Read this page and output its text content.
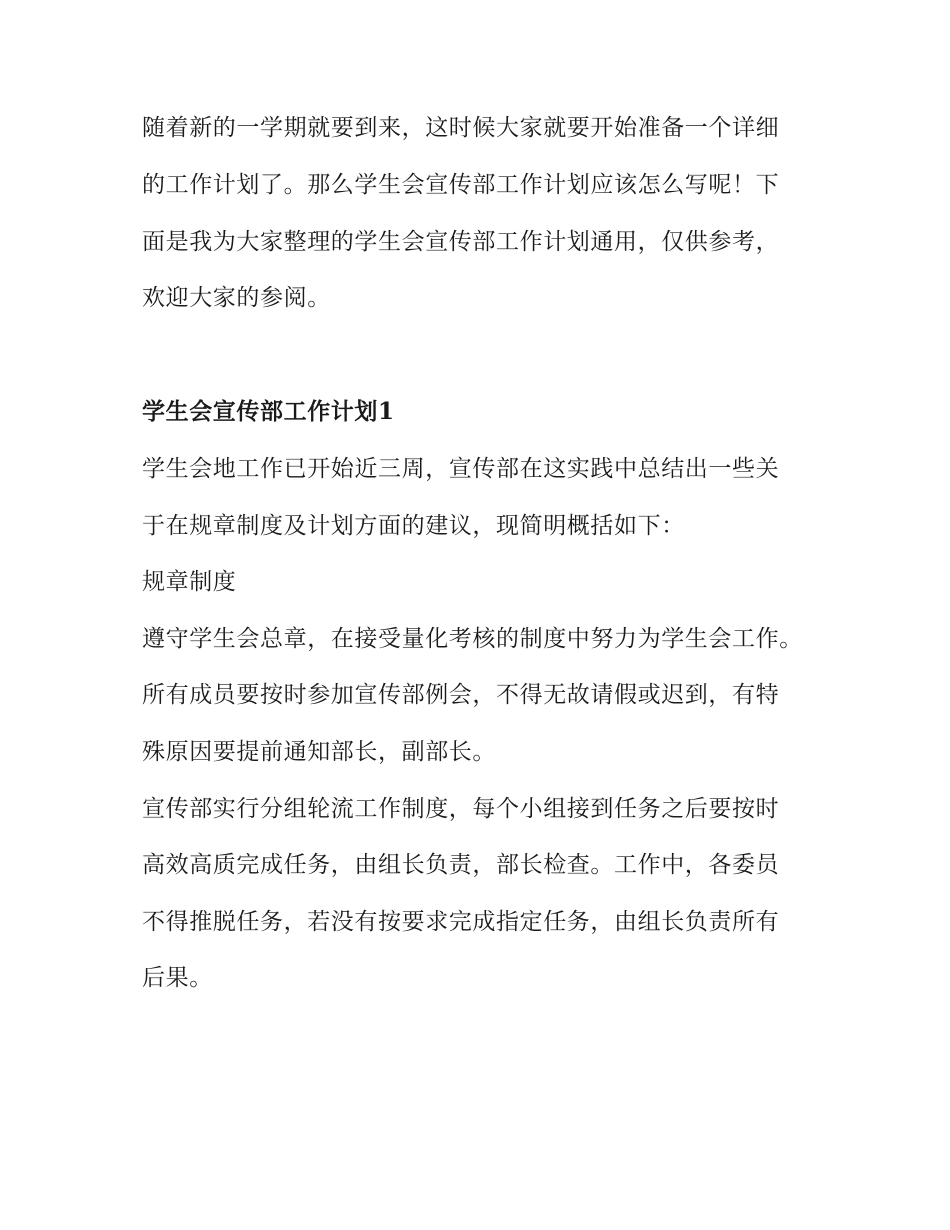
随着新的一学期就要到来，这时候大家就要开始准备一个详细
的工作计划了。那么学生会宣传部工作计划应该怎么写呢！下
面是我为大家整理的学生会宣传部工作计划通用，仅供参考，
欢迎大家的参阅。
学生会宣传部工作计划1
学生会地工作已开始近三周，宣传部在这实践中总结出一些关
于在规章制度及计划方面的建议，现简明概括如下：
规章制度
遵守学生会总章，在接受量化考核的制度中努力为学生会工作。
所有成员要按时参加宣传部例会，不得无故请假或迟到，有特
殊原因要提前通知部长，副部长。
宣传部实行分组轮流工作制度，每个小组接到任务之后要按时
高效高质完成任务，由组长负责，部长检查。工作中，各委员
不得推脱任务，若没有按要求完成指定任务，由组长负责所有
后果。
